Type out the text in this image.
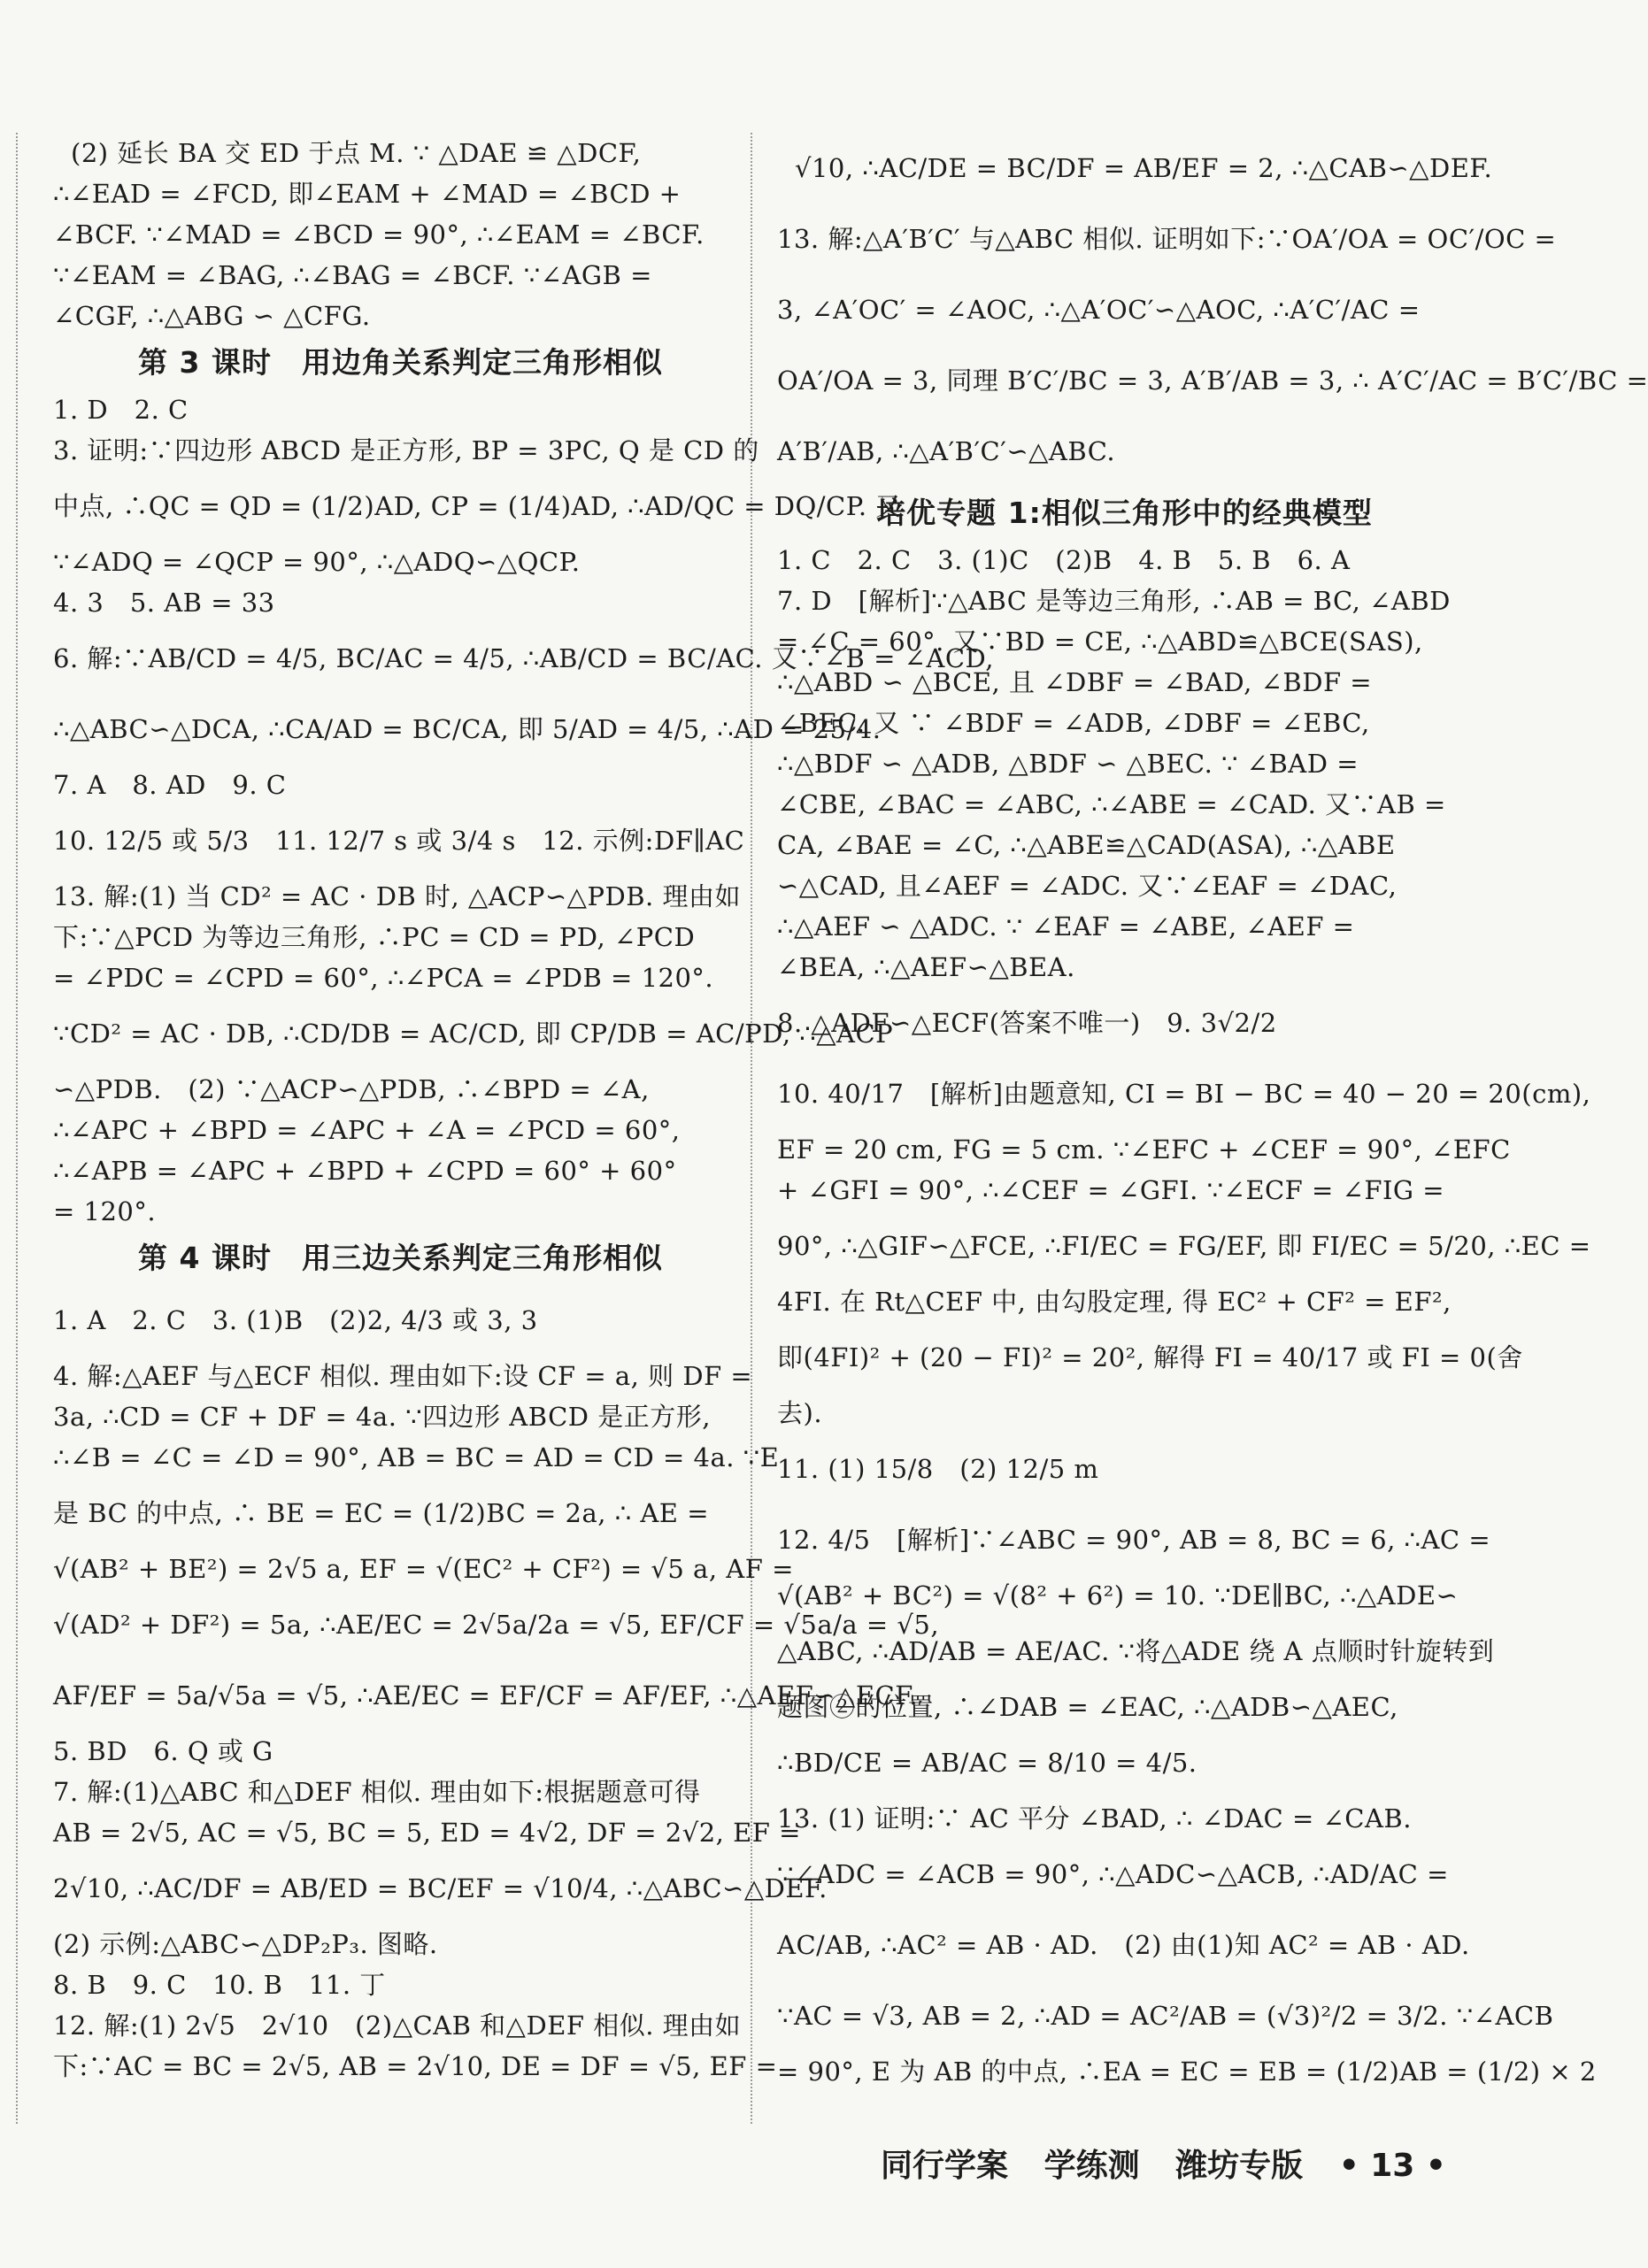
(2) 延长 BA 交 ED 于点 M. ∵ △DAE ≌ △DCF,
∴∠EAD = ∠FCD, 即∠EAM + ∠MAD = ∠BCD +
∠BCF. ∵∠MAD = ∠BCD = 90°, ∴∠EAM = ∠BCF.
∵∠EAM = ∠BAG, ∴∠BAG = ∠BCF. ∵∠AGB =
∠CGF, ∴△ABG ∽ △CFG.
第 3 课时　用边角关系判定三角形相似
1. D　2. C
3. 证明:∵四边形 ABCD 是正方形, BP = 3PC, Q 是 CD 的
中点, ∴QC = QD = (1/2)AD, CP = (1/4)AD, ∴AD/QC = DQ/CP. 又
∵∠ADQ = ∠QCP = 90°, ∴△ADQ∽△QCP.
4. 3　5. AB = 33
6. 解:∵AB/CD = 4/5, BC/AC = 4/5, ∴AB/CD = BC/AC. 又∵∠B = ∠ACD,
∴△ABC∽△DCA, ∴CA/AD = BC/CA, 即 5/AD = 4/5, ∴AD = 25/4.
7. A　8. AD　9. C
10. 12/5 或 5/3　11. 12/7 s 或 3/4 s　12. 示例:DF∥AC
13. 解:(1) 当 CD² = AC · DB 时, △ACP∽△PDB. 理由如
下:∵△PCD 为等边三角形, ∴PC = CD = PD, ∠PCD
= ∠PDC = ∠CPD = 60°, ∴∠PCA = ∠PDB = 120°.
∵CD² = AC · DB, ∴CD/DB = AC/CD, 即 CP/DB = AC/PD, ∴△ACP
∽△PDB.　(2) ∵△ACP∽△PDB, ∴∠BPD = ∠A,
∴∠APC + ∠BPD = ∠APC + ∠A = ∠PCD = 60°,
∴∠APB = ∠APC + ∠BPD + ∠CPD = 60° + 60°
= 120°.
第 4 课时　用三边关系判定三角形相似
1. A　2. C　3. (1)B　(2)2, 4/3 或 3, 3
4. 解:△AEF 与△ECF 相似. 理由如下:设 CF = a, 则 DF =
3a, ∴CD = CF + DF = 4a. ∵四边形 ABCD 是正方形,
∴∠B = ∠C = ∠D = 90°, AB = BC = AD = CD = 4a. ∵E
是 BC 的中点, ∴ BE = EC = (1/2)BC = 2a, ∴ AE =
√(AB² + BE²) = 2√5 a, EF = √(EC² + CF²) = √5 a, AF =
√(AD² + DF²) = 5a, ∴AE/EC = 2√5a/2a = √5, EF/CF = √5a/a = √5,
AF/EF = 5a/√5a = √5, ∴AE/EC = EF/CF = AF/EF, ∴△AEF∽△ECF.
5. BD　6. Q 或 G
7. 解:(1)△ABC 和△DEF 相似. 理由如下:根据题意可得
AB = 2√5, AC = √5, BC = 5, ED = 4√2, DF = 2√2, EF =
2√10, ∴AC/DF = AB/ED = BC/EF = √10/4, ∴△ABC∽△DEF.
(2) 示例:△ABC∽△DP₂P₃. 图略.
8. B　9. C　10. B　11. 丁
12. 解:(1) 2√5　2√10　(2)△CAB 和△DEF 相似. 理由如
下:∵AC = BC = 2√5, AB = 2√10, DE = DF = √5, EF =
√10, ∴AC/DE = BC/DF = AB/EF = 2, ∴△CAB∽△DEF.
13. 解:△A′B′C′ 与△ABC 相似. 证明如下:∵OA′/OA = OC′/OC =
3, ∠A′OC′ = ∠AOC, ∴△A′OC′∽△AOC, ∴A′C′/AC =
OA′/OA = 3, 同理 B′C′/BC = 3, A′B′/AB = 3, ∴ A′C′/AC = B′C′/BC =
A′B′/AB, ∴△A′B′C′∽△ABC.
培优专题 1:相似三角形中的经典模型
1. C　2. C　3. (1)C　(2)B　4. B　5. B　6. A
7. D　[解析]∵△ABC 是等边三角形, ∴AB = BC, ∠ABD
= ∠C = 60°. 又∵BD = CE, ∴△ABD≌△BCE(SAS),
∴△ABD ∽ △BCE, 且 ∠DBF = ∠BAD, ∠BDF =
∠BEC. 又 ∵ ∠BDF = ∠ADB, ∠DBF = ∠EBC,
∴△BDF ∽ △ADB, △BDF ∽ △BEC. ∵ ∠BAD =
∠CBE, ∠BAC = ∠ABC, ∴∠ABE = ∠CAD. 又∵AB =
CA, ∠BAE = ∠C, ∴△ABE≌△CAD(ASA), ∴△ABE
∽△CAD, 且∠AEF = ∠ADC. 又∵∠EAF = ∠DAC,
∴△AEF ∽ △ADC. ∵ ∠EAF = ∠ABE, ∠AEF =
∠BEA, ∴△AEF∽△BEA.
8. △ADF∽△ECF(答案不唯一)　9. 3√2/2
10. 40/17　[解析]由题意知, CI = BI − BC = 40 − 20 = 20(cm),
EF = 20 cm, FG = 5 cm. ∵∠EFC + ∠CEF = 90°, ∠EFC
+ ∠GFI = 90°, ∴∠CEF = ∠GFI. ∵∠ECF = ∠FIG =
90°, ∴△GIF∽△FCE, ∴FI/EC = FG/EF, 即 FI/EC = 5/20, ∴EC =
4FI. 在 Rt△CEF 中, 由勾股定理, 得 EC² + CF² = EF²,
即(4FI)² + (20 − FI)² = 20², 解得 FI = 40/17 或 FI = 0(舍
去).
11. (1) 15/8　(2) 12/5 m
12. 4/5　[解析]∵∠ABC = 90°, AB = 8, BC = 6, ∴AC =
√(AB² + BC²) = √(8² + 6²) = 10. ∵DE∥BC, ∴△ADE∽
△ABC, ∴AD/AB = AE/AC. ∵将△ADE 绕 A 点顺时针旋转到
题图②的位置, ∴∠DAB = ∠EAC, ∴△ADB∽△AEC,
∴BD/CE = AB/AC = 8/10 = 4/5.
13. (1) 证明:∵ AC 平分 ∠BAD, ∴ ∠DAC = ∠CAB.
∵∠ADC = ∠ACB = 90°, ∴△ADC∽△ACB, ∴AD/AC =
AC/AB, ∴AC² = AB · AD.　(2) 由(1)知 AC² = AB · AD.
∵AC = √3, AB = 2, ∴AD = AC²/AB = (√3)²/2 = 3/2. ∵∠ACB
= 90°, E 为 AB 的中点, ∴EA = EC = EB = (1/2)AB = (1/2) × 2
同行学案 学练测 潍坊专版 • 13 •
